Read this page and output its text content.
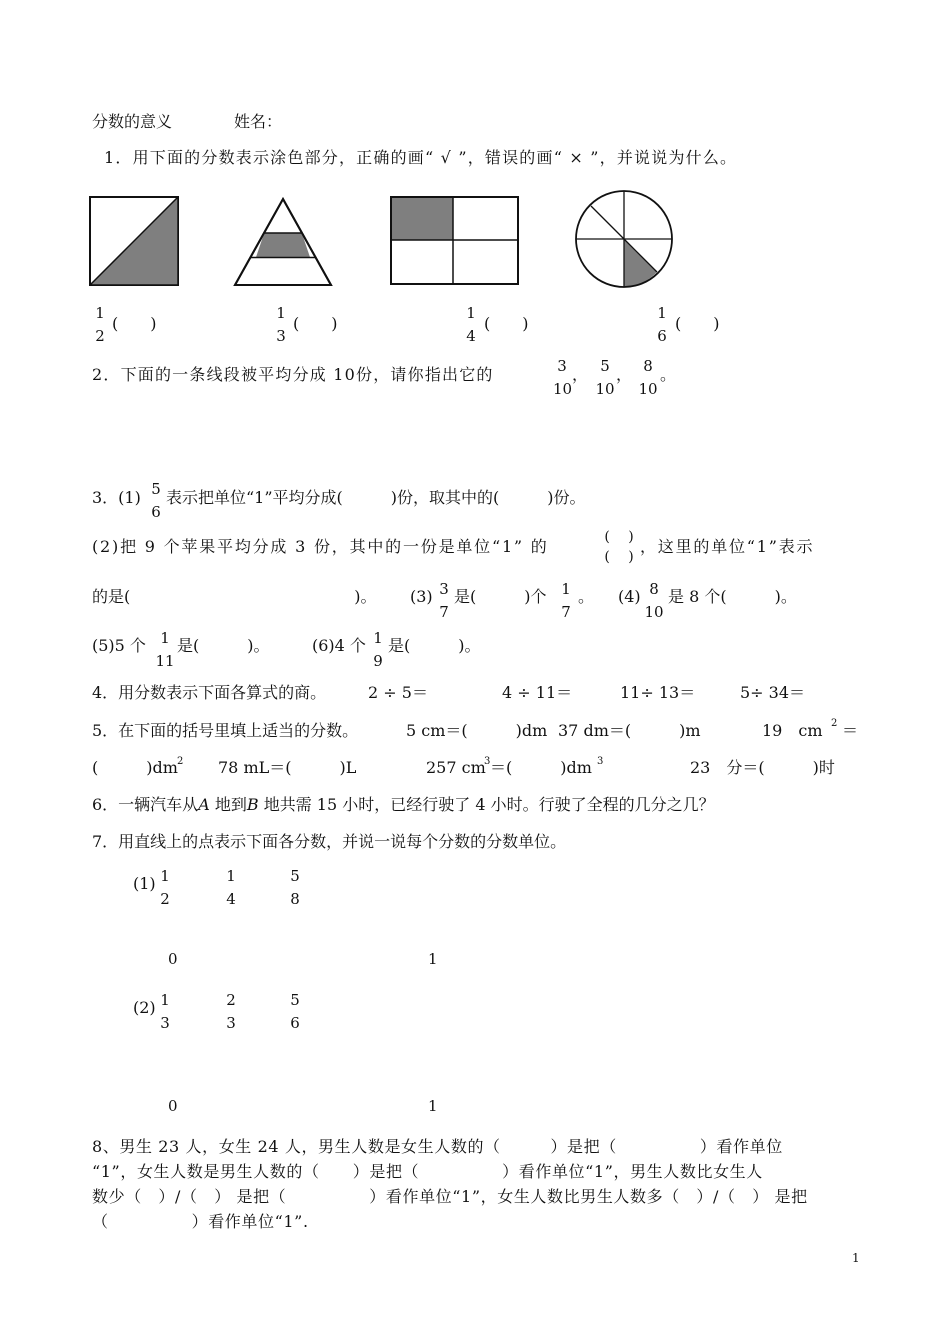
分数的意义	姓名：
1．用下面的分数表示涂色部分，正确的画“ √ ”，错误的画“ × ”，并说说为什么。
1
2
(　　)
1
3
(　　)
1
4
(　　)
1
6
(　　)
2．下面的一条线段被平均分成 10份，请你指出它的	3
10
， 5
10
， 8
10
。
3．(1) 5
6
表示把单位“1”平均分成(　　　)份，取其中的(　　　)份。
(2)把 9 个苹果平均分成 3 份，其中的一份是单位“1” 的	(　 )
(　 )
，这里的单位“1”表示
的是(　　　　　　　　　　　　　　)。 (3) 3
7
是(　　　)个 1
7
。 (4) 8
10
是 8 个(　　　)。
(5)5 个 1
11
是(　　　)。	(6)4 个 1
9
是(　　　)。
4．用分数表示下面各算式的商。	2 ÷ 5＝	4 ÷ 11＝	11÷ 13＝	5÷ 34＝
5．在下面的括号里填上适当的分数。	5 cm＝(　　　)dm 37 dm＝(　　　)m	19　cm 2 ＝
(　　　)dm 2 78 mL＝(　　　)L	257 cm
3 ＝(　　　)dm 3	23　分＝(　　　)时
6．一辆汽车从A 地到B 地共需 15 小时，已经行驶了 4 小时。行驶了全程的几分之几？
7．用直线上的点表示下面各分数，并说一说每个分数的分数单位。
(1) 1
2
1
4
5
8
0	1
(2) 1
3
2
3
5
6
0	1
8、男生 23 人，女生 24 人，男生人数是女生人数的（　　　）是把（　　　　　）看作单位
“1”，女生人数是男生人数的（　　）是把（　　　　　）看作单位“1”，男生人数比女生人
数少（　）/（　） 是把（　　　　　）看作单位“1”，女生人数比男生人数多（　）/（　） 是把
（　　　　　）看作单位“1”.
1
